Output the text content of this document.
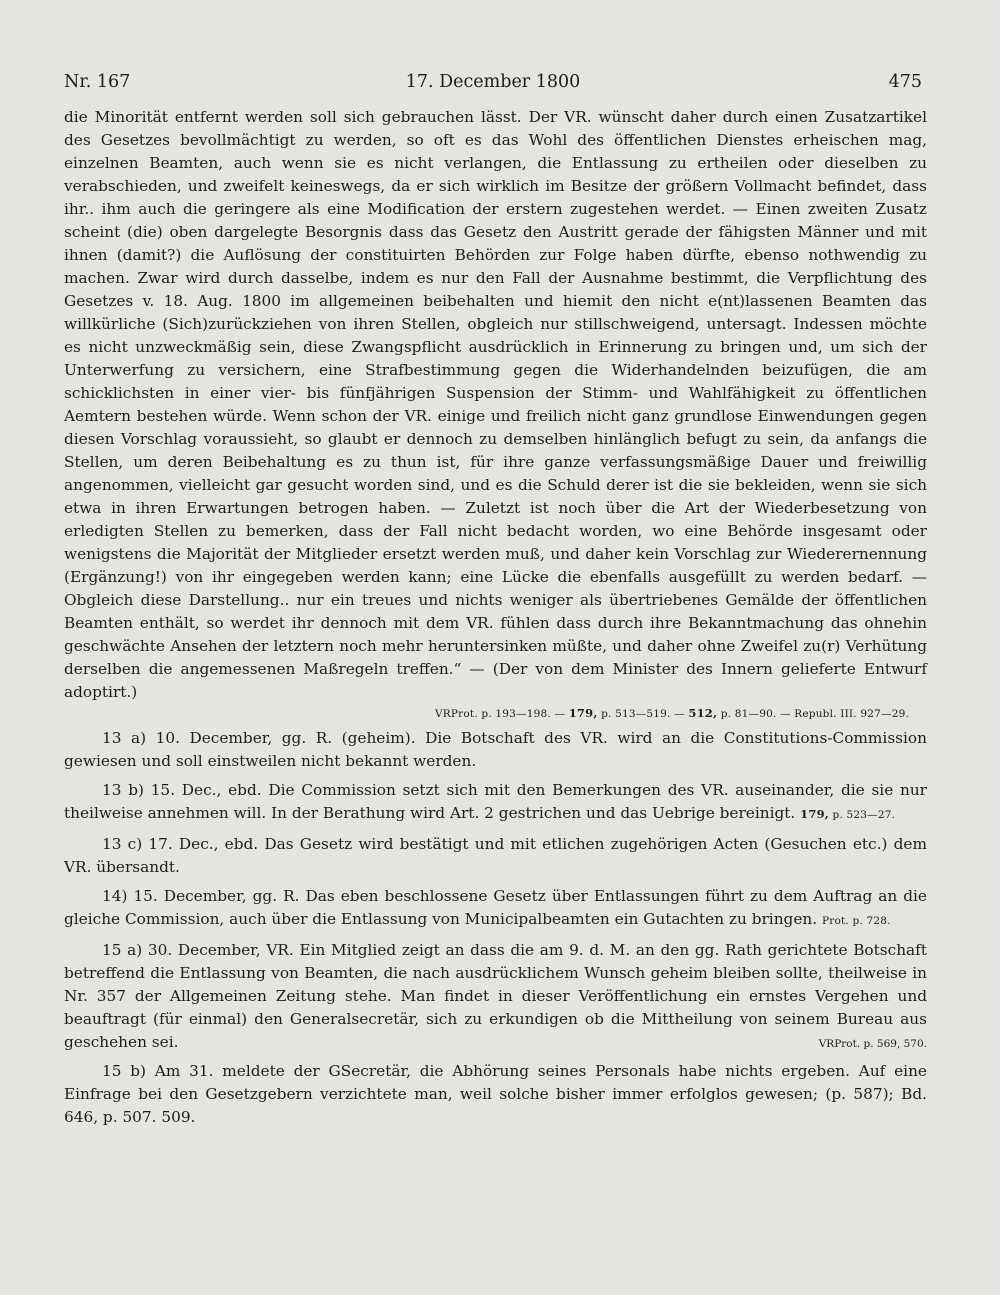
Nr. 167	17. December 1800	475

die Minorität entfernt werden soll sich gebrauchen lässt. Der VR. wünscht daher durch einen Zusatzartikel des Gesetzes bevollmächtigt zu werden, so oft es das Wohl des öffentlichen Dienstes erheischen mag, einzelnen Beamten, auch wenn sie es nicht verlangen, die Entlassung zu ertheilen oder dieselben zu verabschieden, und zweifelt keineswegs, da er sich wirklich im Besitze der größern Vollmacht befindet, dass ihr.. ihm auch die geringere als eine Modification der erstern zugestehen werdet. — Einen zweiten Zusatz scheint (die) oben dargelegte Besorgnis dass das Gesetz den Austritt gerade der fähigsten Männer und mit ihnen (damit?) die Auflösung der constituirten Behörden zur Folge haben dürfte, ebenso nothwendig zu machen. Zwar wird durch dasselbe, indem es nur den Fall der Ausnahme bestimmt, die Verpflichtung des Gesetzes v. 18. Aug. 1800 im allgemeinen beibehalten und hiemit den nicht e(nt)lassenen Beamten das willkürliche (Sich)zurückziehen von ihren Stellen, obgleich nur stillschweigend, untersagt. Indessen möchte es nicht unzweckmäßig sein, diese Zwangspflicht ausdrücklich in Erinnerung zu bringen und, um sich der Unterwerfung zu versichern, eine Strafbestimmung gegen die Widerhandelnden beizufügen, die am schicklichsten in einer vier- bis fünfjährigen Suspension der Stimm- und Wahlfähigkeit zu öffentlichen Aemtern bestehen würde. Wenn schon der VR. einige und freilich nicht ganz grundlose Einwendungen gegen diesen Vorschlag voraussieht, so glaubt er dennoch zu demselben hinlänglich befugt zu sein, da anfangs die Stellen, um deren Beibehaltung es zu thun ist, für ihre ganze verfassungsmäßige Dauer und freiwillig angenommen, vielleicht gar gesucht worden sind, und es die Schuld derer ist die sie bekleiden, wenn sie sich etwa in ihren Erwartungen betrogen haben. — Zuletzt ist noch über die Art der Wiederbesetzung von erledigten Stellen zu bemerken, dass der Fall nicht bedacht worden, wo eine Behörde insgesamt oder wenigstens die Majorität der Mitglieder ersetzt werden muß, und daher kein Vorschlag zur Wiederernennung (Ergänzung!) von ihr eingegeben werden kann; eine Lücke die ebenfalls ausgefüllt zu werden bedarf. — Obgleich diese Darstellung.. nur ein treues und nichts weniger als übertriebenes Gemälde der öffentlichen Beamten enthält, so werdet ihr dennoch mit dem VR. fühlen dass durch ihre Bekanntmachung das ohnehin geschwächte Ansehen der letztern noch mehr heruntersinken müßte, und daher ohne Zweifel zu(r) Verhütung derselben die angemessenen Maßregeln treffen.“ — (Der von dem Minister des Innern gelieferte Entwurf adoptirt.)

VRProt. p. 193—198. — 179, p. 513—519. — 512, p. 81—90. — Republ. III. 927—29.

13 a) 10. December, gg. R. (geheim). Die Botschaft des VR. wird an die Constitutions-Commission gewiesen und soll einstweilen nicht bekannt werden.

13 b) 15. Dec., ebd. Die Commission setzt sich mit den Bemerkungen des VR. auseinander, die sie nur theilweise annehmen will. In der Berathung wird Art. 2 gestrichen und das Uebrige bereinigt. 179, p. 523—27.

13 c) 17. Dec., ebd. Das Gesetz wird bestätigt und mit etlichen zugehörigen Acten (Gesuchen etc.) dem VR. übersandt.

14) 15. December, gg. R. Das eben beschlossene Gesetz über Entlassungen führt zu dem Auftrag an die gleiche Commission, auch über die Entlassung von Municipalbeamten ein Gutachten zu bringen. Prot. p. 728.

15 a) 30. December, VR. Ein Mitglied zeigt an dass die am 9. d. M. an den gg. Rath gerichtete Botschaft betreffend die Entlassung von Beamten, die nach ausdrücklichem Wunsch geheim bleiben sollte, theilweise in Nr. 357 der Allgemeinen Zeitung stehe. Man findet in dieser Veröffentlichung ein ernstes Vergehen und beauftragt (für einmal) den Generalsecretär, sich zu erkundigen ob die Mittheilung von seinem Bureau aus geschehen sei.	VRProt. p. 569, 570.

15 b) Am 31. meldete der GSecretär, die Abhörung seines Personals habe nichts ergeben. Auf eine Einfrage bei den Gesetzgebern verzichtete man, weil solche bisher immer erfolglos gewesen; (p. 587); Bd. 646, p. 507. 509.
